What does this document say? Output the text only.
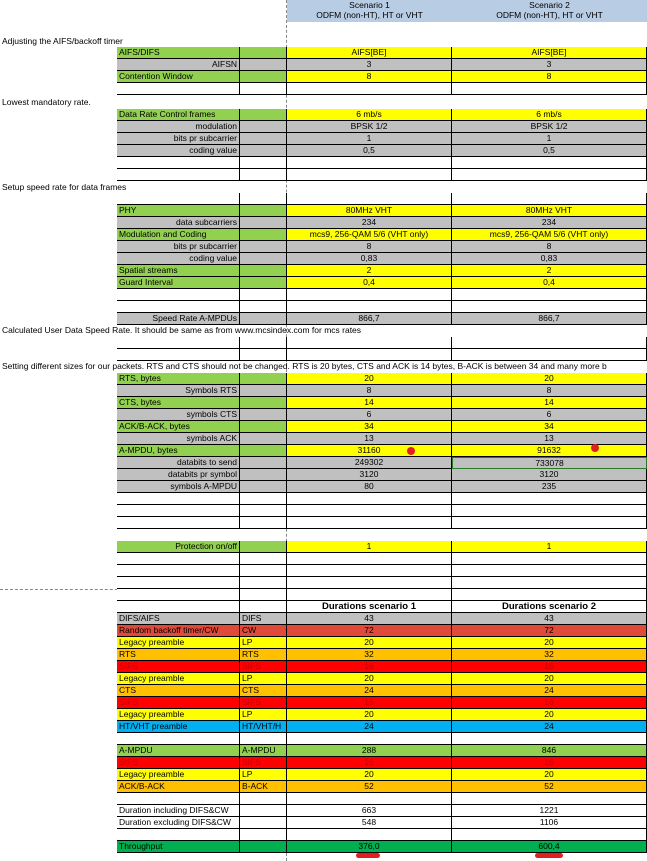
Scenario 1
ODFM (non-HT), HT or VHT
Scenario 2
ODFM (non-HT), HT or VHT
Adjusting the AIFS/backoff timer
AIFS/DIFS	AIFS[BE]	AIFS[BE]
AIFSN	3	3
Contention Window	8	8
Lowest mandatory rate.
Data Rate Control frames	6 mb/s	6 mb/s
modulation	BPSK 1/2	BPSK 1/2
bits pr subcarrier	1	1
coding value	0,5	0,5
Setup speed rate for data frames
PHY	80MHz VHT	80MHz VHT
data subcarriers	234	234
Modulation and Coding	mcs9, 256-QAM 5/6 (VHT only)	mcs9, 256-QAM 5/6 (VHT only)
bits pr subcarrier	8	8
coding value	0,83	0,83
Spatial streams	2	2
Guard Interval	0,4	0,4
Speed Rate A-MPDUs	866,7	866,7
Calculated User Data Speed Rate. It should be same as from www.mcsindex.com for mcs rates
Setting different sizes for our packets. RTS and CTS should not be changed. RTS is 20 bytes, CTS and ACK is 14 bytes, B-ACK is between 34 and many more b
RTS, bytes	20	20
Symbols RTS	8	8
CTS, bytes	14	14
symbols CTS	6	6
ACK/B-ACK, bytes	34	34
symbols ACK	13	13
A-MPDU, bytes	31160	91632
databits to send	249302	733078
databits pr symbol	3120	3120
symbols A-MPDU	80	235
Protection on/off	1	1
Durations scenario 1	Durations scenario 2
DIFS/AIFS	DIFS	43	43
Random backoff timer/CW	CW	72	72
Legacy preamble	LP	20	20
RTS	RTS	32	32
SIFS	SIFS	16	16
Legacy preamble	LP	20	20
CTS	CTS	24	24
SIFS	SIFS	16	16
Legacy preamble	LP	20	20
HT/VHT preamble	HT/VHT/H	24	24
A-MPDU	A-MPDU	288	846
SIFS	SIFS	16	16
Legacy preamble	LP	20	20
ACK/B-ACK	B-ACK	52	52
Duration including DIFS&CW	663	1221
Duration excluding DIFS&CW	548	1106
Throughput	376,0	600,4
